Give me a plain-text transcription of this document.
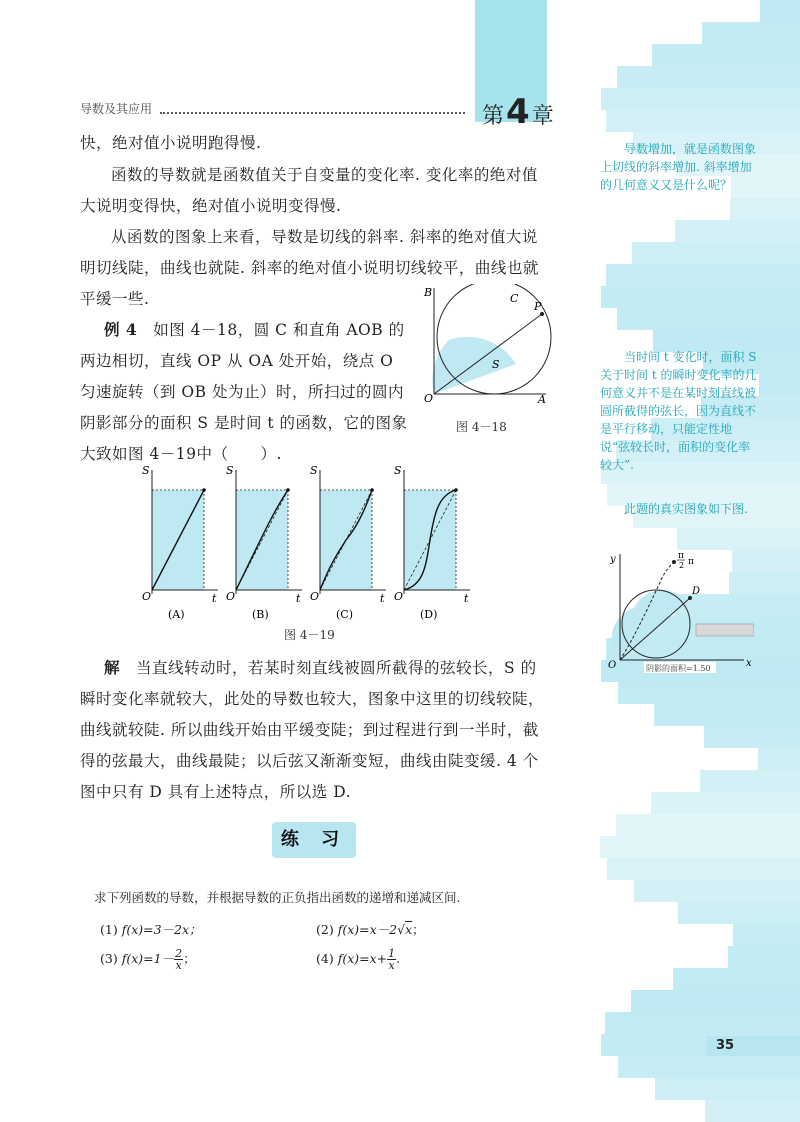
导数及其应用	第4章

快，绝对值小说明跑得慢.

函数的导数就是函数值关于自变量的变化率. 变化率的绝对值大说明变得快，绝对值小说明变得慢.

从函数的图象上来看，导数是切线的斜率. 斜率的绝对值大说明切线陡，曲线也就陡. 斜率的绝对值小说明切线较平，曲线也就平缓一些.

例 4　 如图 4－18，圆 C 和直角 AOB 的两边相切，直线 OP 从 OA 处开始，绕点 O 匀速旋转（到 OB 处为止）时，所扫过的圆内阴影部分的面积 S 是时间 t 的函数，它的图象大致如图 4－19中（　　）.

B	C
P
S
O	A
图 4－18
S
O	t
(A)
S
O	t
(B)
S
O	t
(C)
S
O	t
(D)
图 4－19

解　 当直线转动时，若某时刻直线被圆所截得的弦较长，S 的瞬时变化率就较大，此处的导数也较大，图象中这里的切线较陡，曲线就较陡. 所以曲线开始由平缓变陡；到过程进行到一半时，截得的弦最大，曲线最陡；以后弦又渐渐变短，曲线由陡变缓. 4 个图中只有 D 具有上述特点，所以选 D.

导数增加，就是函数图象上切线的斜率增加. 斜率增加的几何意义又是什么呢？

当时间 t 变化时，面积 S 关于时间 t 的瞬时变化率的几何意义并不是在某时刻直线被圆所截得的弦长，因为直线不是平行移动，只能定性地说“弦较长时，面积的变化率较大”.

此题的真实图象如下图.

y
x
O
D
π
2 π
阴影的面积=1.50
练 习

求下列函数的导数，并根据导数的正负指出函数的递增和递减区间.

(1) f(x)=3－2x；	(2) f(x)=x－2√x；
(3) $f(x)=1- \frac{2}{x}$ ；	(4) $f(x)=x+ \frac{1}{x}$ .
35
